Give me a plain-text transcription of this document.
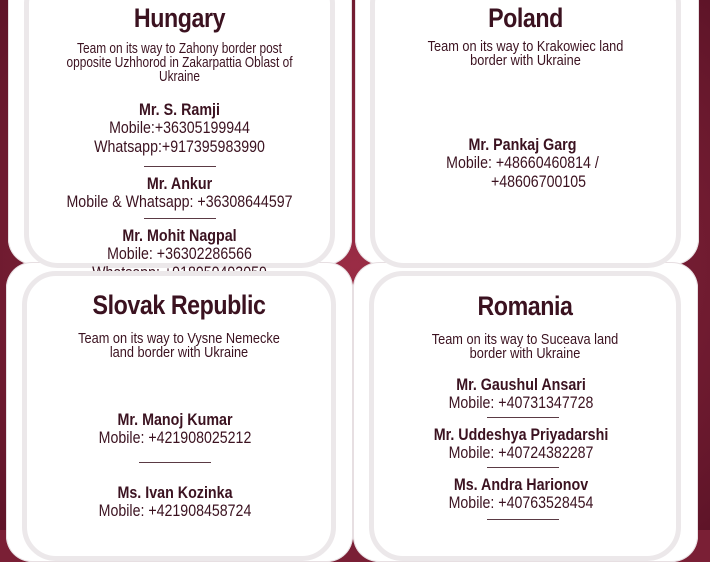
Hungary
Team on its way to Zahony border post
opposite Uzhhorod in Zakarpattia Oblast of Ukraine
Mr. S. Ramji
Mobile:+36305199944
Whatsapp:+917395983990
Mr. Ankur
Mobile & Whatsapp: +36308644597
Mr. Mohit Nagpal
Mobile: +36302286566
Poland
Team on its way to Krakowiec land
border with Ukraine
Mr. Pankaj Garg
Mobile: +48660460814 /
+48606700105
Slovak Republic
Team on its way to Vysne Nemecke
land border with Ukraine
Mr. Manoj Kumar
Mobile: +421908025212
Ms. Ivan Kozinka
Mobile: +421908458724
Romania
Team on its way to Suceava land
border with Ukraine
Mr. Gaushul Ansari
Mobile: +40731347728
Mr. Uddeshya Priyadarshi
Mobile: +40724382287
Ms. Andra Harionov
Mobile: +40763528454
